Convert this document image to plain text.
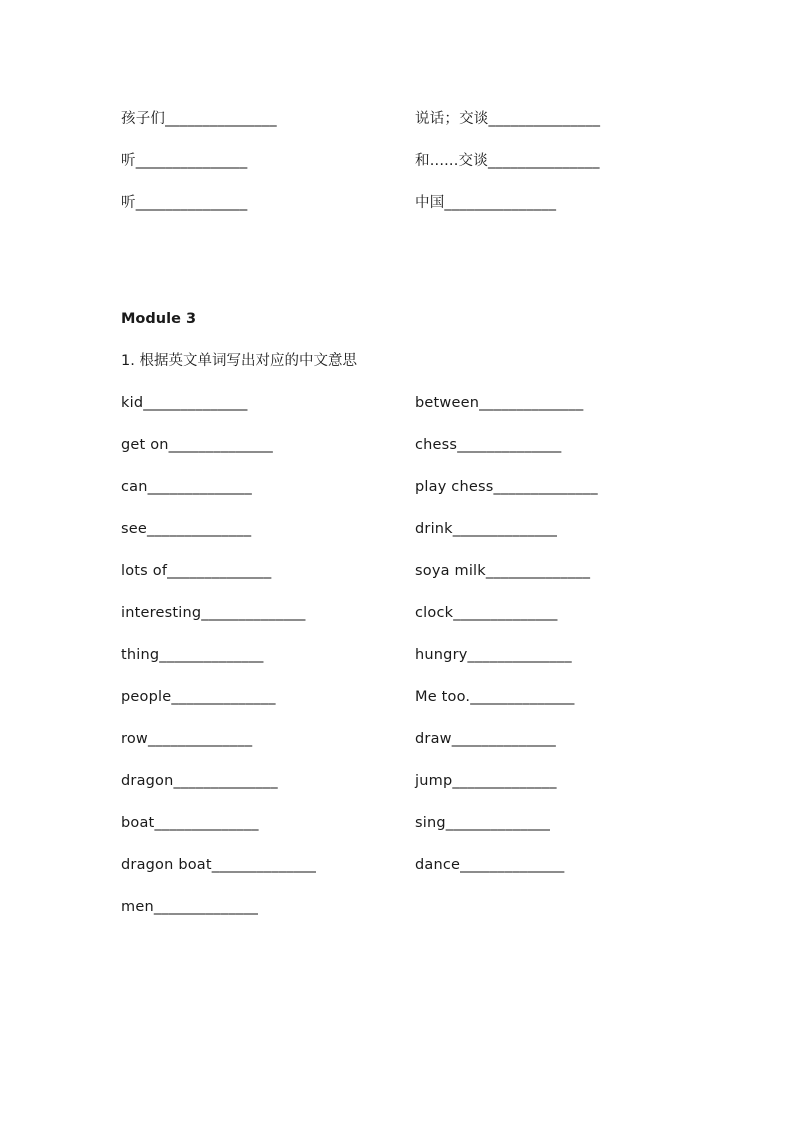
孩子们_______________	说话；交谈_______________
听_______________	和......交谈_______________
听_______________	中国_______________
Module 3
1. 根据英文单词写出对应的中文意思
kid______________	between______________
get on______________	chess______________
can______________	play chess______________
see______________	drink______________
lots of______________	soya milk______________
interesting______________	clock______________
thing______________	hungry______________
people______________	Me too.______________
row______________	draw______________
dragon______________	jump______________
boat______________	sing______________
dragon boat______________	dance______________
men______________
